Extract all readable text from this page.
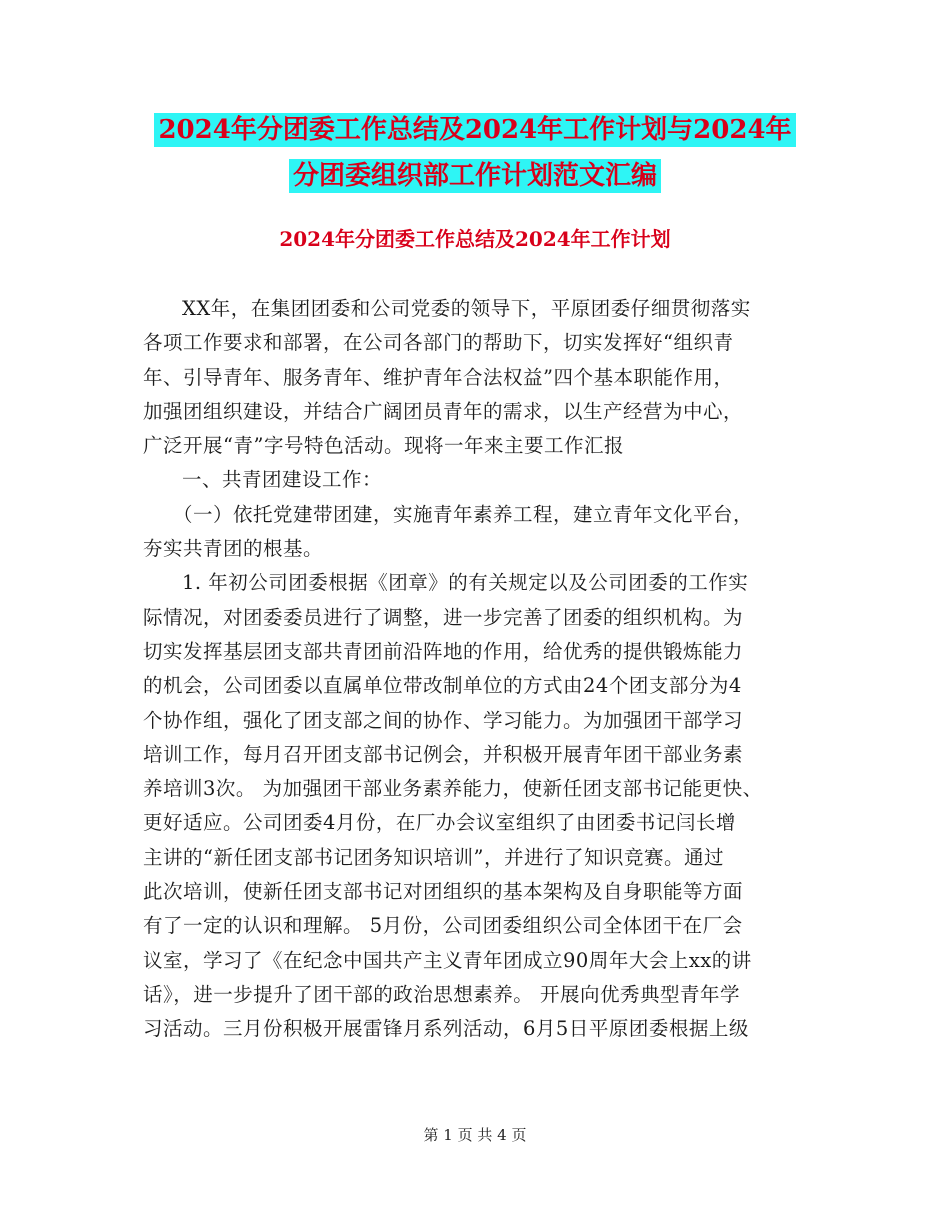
2024年分团委工作总结及2024年工作计划与2024年
分团委组织部工作计划范文汇编
2024年分团委工作总结及2024年工作计划
XX年，在集团团委和公司党委的领导下，平原团委仔细贯彻落实
各项工作要求和部署，在公司各部门的帮助下，切实发挥好“组织青
年、引导青年、服务青年、维护青年合法权益”四个基本职能作用，
加强团组织建设，并结合广阔团员青年的需求，以生产经营为中心，
广泛开展“青”字号特色活动。现将一年来主要工作汇报
一、共青团建设工作：
（一）依托党建带团建，实施青年素养工程，建立青年文化平台，
夯实共青团的根基。
1. 年初公司团委根据《团章》的有关规定以及公司团委的工作实
际情况，对团委委员进行了调整，进一步完善了团委的组织机构。为
切实发挥基层团支部共青团前沿阵地的作用，给优秀的提供锻炼能力
的机会，公司团委以直属单位带改制单位的方式由24个团支部分为4
个协作组，强化了团支部之间的协作、学习能力。为加强团干部学习
培训工作，每月召开团支部书记例会，并积极开展青年团干部业务素
养培训3次。 为加强团干部业务素养能力，使新任团支部书记能更快、
更好适应。公司团委4月份，在厂办会议室组织了由团委书记闫长增
主讲的“新任团支部书记团务知识培训”，并进行了知识竞赛。通过
此次培训，使新任团支部书记对团组织的基本架构及自身职能等方面
有了一定的认识和理解。 5月份，公司团委组织公司全体团干在厂会
议室，学习了《在纪念中国共产主义青年团成立90周年大会上xx的讲
话》，进一步提升了团干部的政治思想素养。 开展向优秀典型青年学
习活动。三月份积极开展雷锋月系列活动，6月5日平原团委根据上级
第 1 页 共 4 页
